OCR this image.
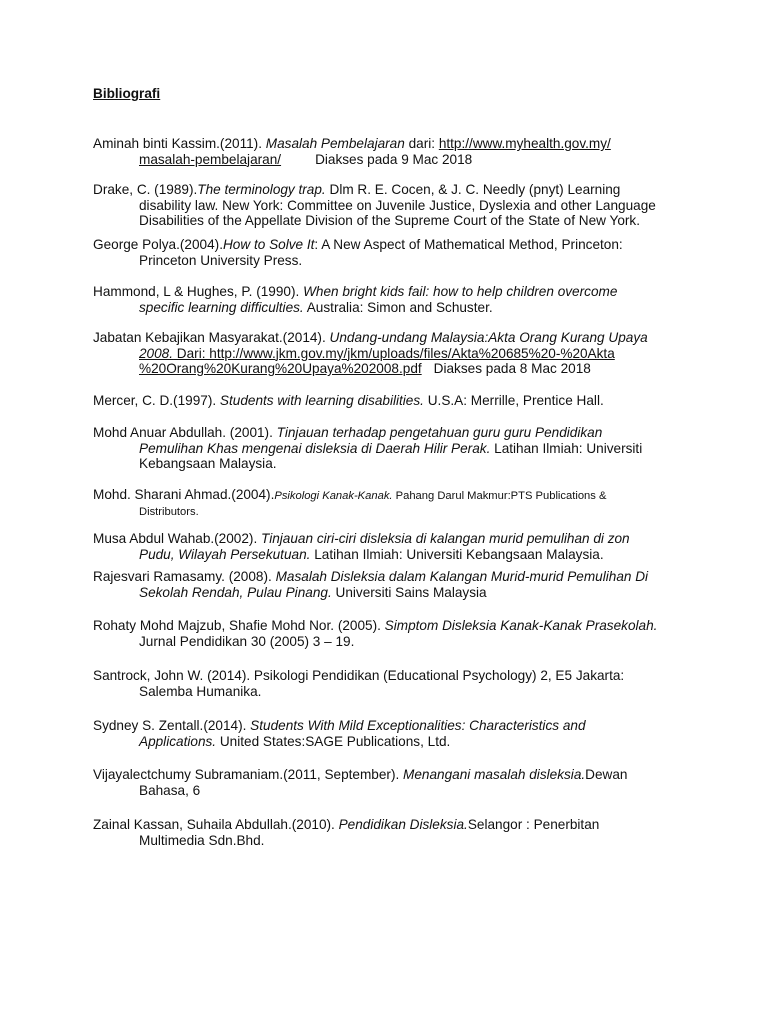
Bibliografi

Aminah binti Kassim.(2011). Masalah Pembelajaran dari: http://www.myhealth.gov.my/
masalah-pembelajaran/	Diakses pada 9 Mac 2018
Drake, C. (1989).The terminology trap. Dlm R. E. Cocen, & J. C. Needly (pnyt) Learning
disability law. New York: Committee on Juvenile Justice, Dyslexia and other Language
Disabilities of the Appellate Division of the Supreme Court of the State of New York.
George Polya.(2004).How to Solve It: A New Aspect of Mathematical Method, Princeton:
Princeton University Press.
Hammond, L & Hughes, P. (1990). When bright kids fail: how to help children overcome
specific learning difficulties. Australia: Simon and Schuster.
Jabatan Kebajikan Masyarakat.(2014). Undang-undang Malaysia:Akta Orang Kurang Upaya
2008. Dari: http://www.jkm.gov.my/jkm/uploads/files/Akta%20685%20-%20Akta
%20Orang%20Kurang%20Upaya%202008.pdf Diakses pada 8 Mac 2018
Mercer, C. D.(1997). Students with learning disabilities. U.S.A: Merrille, Prentice Hall.
Mohd Anuar Abdullah. (2001). Tinjauan terhadap pengetahuan guru guru Pendidikan
Pemulihan Khas mengenai disleksia di Daerah Hilir Perak. Latihan Ilmiah: Universiti
Kebangsaan Malaysia.
Mohd. Sharani Ahmad.(2004).Psikologi Kanak-Kanak. Pahang Darul Makmur:PTS Publications &
Distributors.
Musa Abdul Wahab.(2002). Tinjauan ciri-ciri disleksia di kalangan murid pemulihan di zon
Pudu, Wilayah Persekutuan. Latihan Ilmiah: Universiti Kebangsaan Malaysia.
Rajesvari Ramasamy. (2008). Masalah Disleksia dalam Kalangan Murid-murid Pemulihan Di
Sekolah Rendah, Pulau Pinang. Universiti Sains Malaysia
Rohaty Mohd Majzub, Shafie Mohd Nor. (2005). Simptom Disleksia Kanak-Kanak Prasekolah.
Jurnal Pendidikan 30 (2005) 3 – 19.
Santrock, John W. (2014). Psikologi Pendidikan (Educational Psychology) 2, E5 Jakarta:
Salemba Humanika.
Sydney S. Zentall.(2014). Students With Mild Exceptionalities: Characteristics and
Applications. United States:SAGE Publications, Ltd.
Vijayalectchumy Subramaniam.(2011, September). Menangani masalah disleksia.Dewan
Bahasa, 6
Zainal Kassan, Suhaila Abdullah.(2010). Pendidikan Disleksia.Selangor : Penerbitan
Multimedia Sdn.Bhd.
